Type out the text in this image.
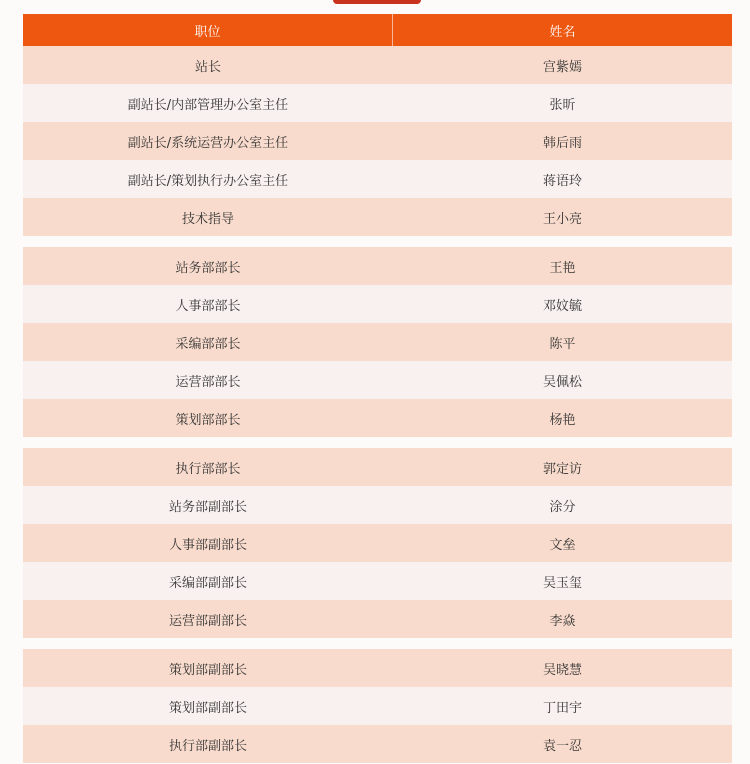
职位	姓名
站长	宫紫嫣
副站长/内部管理办公室主任	张昕
副站长/系统运营办公室主任	韩后雨
副站长/策划执行办公室主任	蒋语玲
技术指导	王小亮
站务部部长	王艳
人事部部长	邓妏毓
采编部部长	陈平
运营部部长	吴佩松
策划部部长	杨艳
执行部部长	郭定访
站务部副部长	涂分
人事部副部长	文垒
采编部副部长	吴玉玺
运营部副部长	李焱
策划部副部长	吴晓慧
策划部副部长	丁田宇
执行部副部长	袁一忍
